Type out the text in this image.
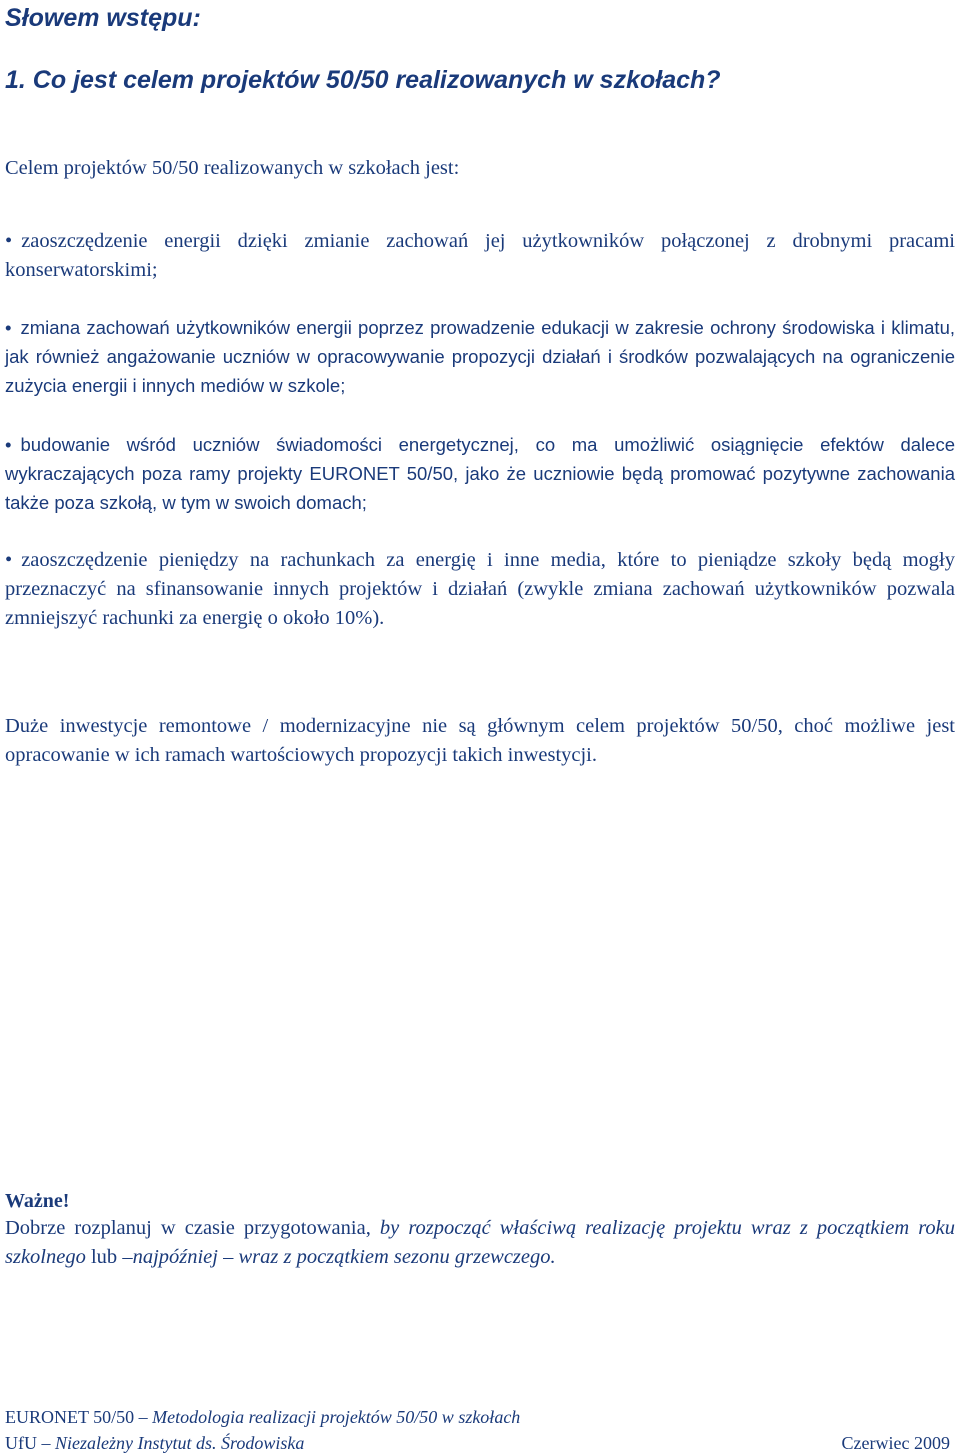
Słowem wstępu:
1. Co jest celem projektów 50/50 realizowanych w szkołach?

Celem projektów 50/50 realizowanych w szkołach jest:

• zaoszczędzenie energii dzięki zmianie zachowań jej użytkowników połączonej z drobnymi pracami konserwatorskimi;

• zmiana zachowań użytkowników energii poprzez prowadzenie edukacji w zakresie ochrony środowiska i klimatu, jak również angażowanie uczniów w opracowywanie propozycji działań i środków pozwalających na ograniczenie zużycia energii i innych mediów w szkole;

• budowanie wśród uczniów świadomości energetycznej, co ma umożliwić osiągnięcie efektów dalece wykraczających poza ramy projekty EURONET 50/50, jako że uczniowie będą promować pozytywne zachowania także poza szkołą, w tym w swoich domach;

• zaoszczędzenie pieniędzy na rachunkach za energię i inne media, które to pieniądze szkoły będą mogły przeznaczyć na sfinansowanie innych projektów i działań (zwykle zmiana zachowań użytkowników pozwala zmniejszyć rachunki za energię o około 10%).

Duże inwestycje remontowe / modernizacyjne nie są głównym celem projektów 50/50, choć możliwe jest opracowanie w ich ramach wartościowych propozycji takich inwestycji.

Ważne!

Dobrze rozplanuj w czasie przygotowania, by rozpocząć właściwą realizację projektu wraz z początkiem roku szkolnego lub –najpóźniej – wraz z początkiem sezonu grzewczego.

EURONET 50/50 – Metodologia realizacji projektów 50/50 w szkołach
UfU – Niezależny Instytut ds. Środowiska	Czerwiec 2009
